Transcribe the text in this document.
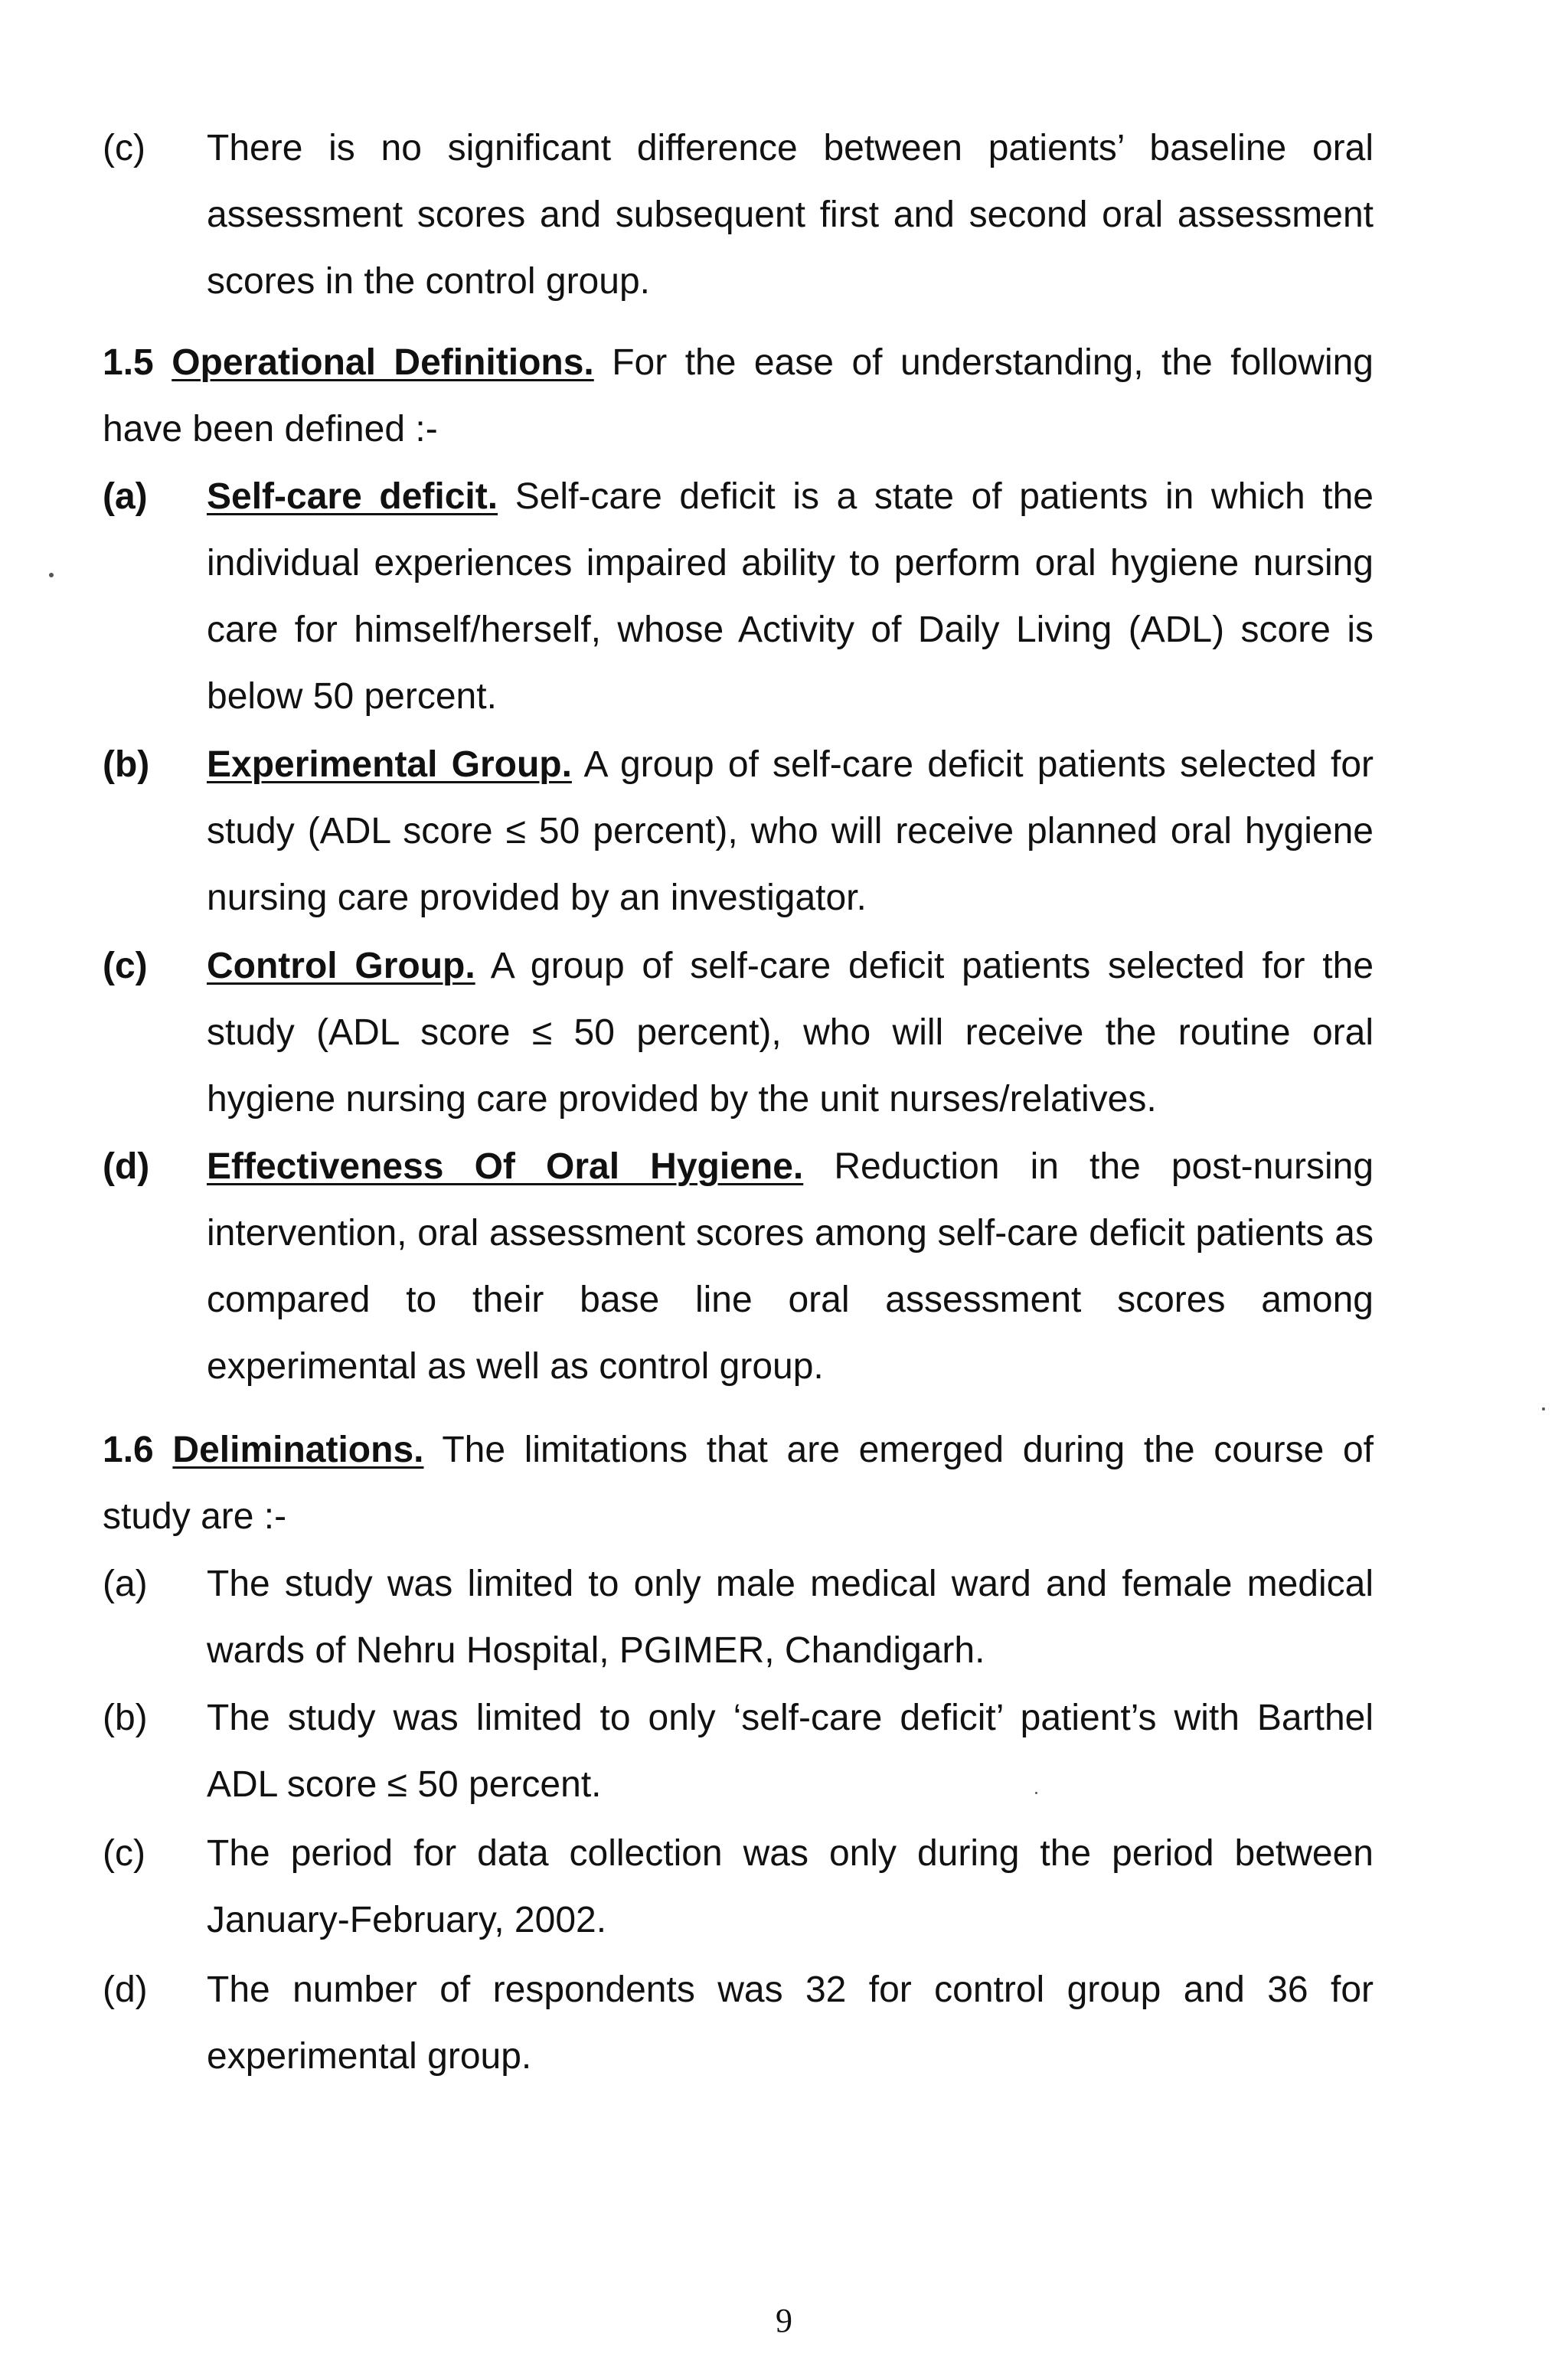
(c) There is no significant difference between patients’ baseline oral assessment scores and subsequent first and second oral assessment scores in the control group.
1.5 Operational Definitions. For the ease of understanding, the following have been defined :-
(a) Self-care deficit. Self-care deficit is a state of patients in which the individual experiences impaired ability to perform oral hygiene nursing care for himself/herself, whose Activity of Daily Living (ADL) score is below 50 percent.
(b) Experimental Group. A group of self-care deficit patients selected for study (ADL score ≤ 50 percent), who will receive planned oral hygiene nursing care provided by an investigator.
(c) Control Group. A group of self-care deficit patients selected for the study (ADL score ≤ 50 percent), who will receive the routine oral hygiene nursing care provided by the unit nurses/relatives.
(d) Effectiveness Of Oral Hygiene. Reduction in the post-nursing intervention, oral assessment scores among self-care deficit patients as compared to their base line oral assessment scores among experimental as well as control group.
1.6 Deliminations. The limitations that are emerged during the course of study are :-
(a) The study was limited to only male medical ward and female medical wards of Nehru Hospital, PGIMER, Chandigarh.
(b) The study was limited to only ‘self-care deficit’ patient’s with Barthel ADL score ≤ 50 percent.
(c) The period for data collection was only during the period between January-February, 2002.
(d) The number of respondents was 32 for control group and 36 for experimental group.
9
